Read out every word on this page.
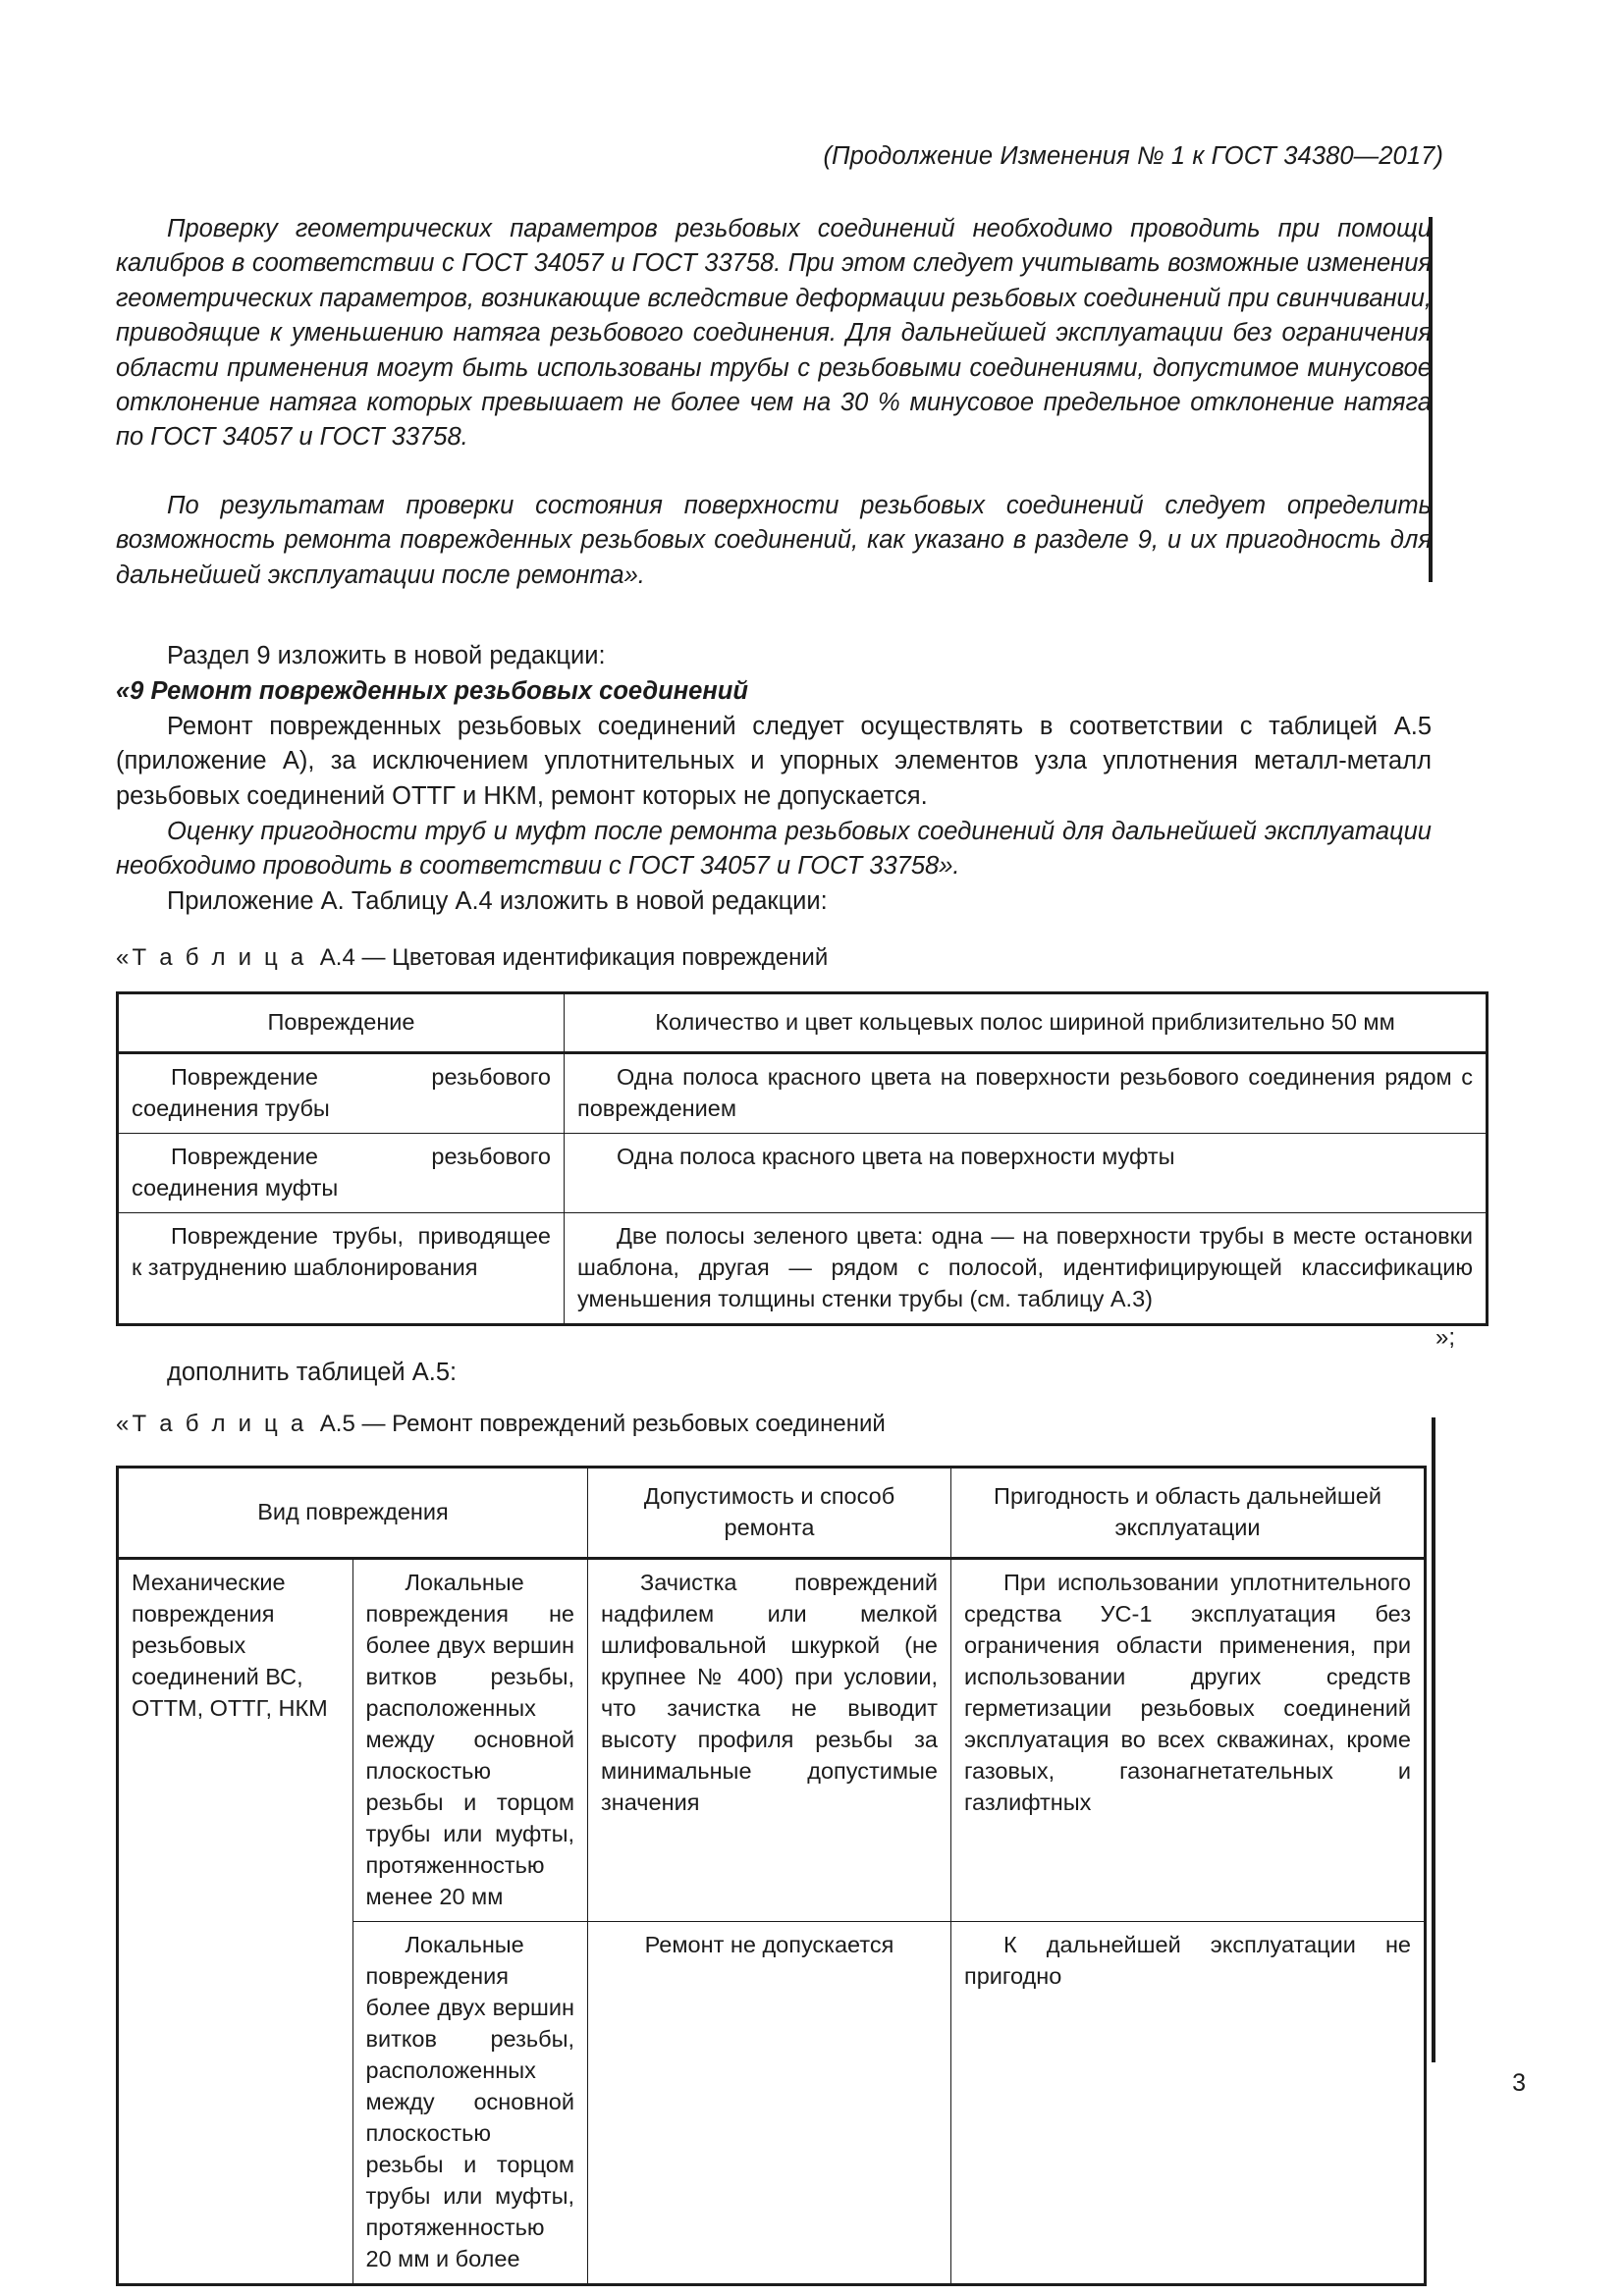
(Продолжение Изменения № 1 к ГОСТ 34380—2017)

Проверку геометрических параметров резьбовых соединений необходимо проводить при помощи калибров в соответствии с ГОСТ 34057 и ГОСТ 33758. При этом следует учитывать возможные изменения геометрических параметров, возникающие вследствие деформации резьбовых соединений при свинчивании, приводящие к уменьшению натяга резьбового соединения. Для дальнейшей эксплуатации без ограничения области применения могут быть использованы трубы с резьбовыми соединениями, допустимое минусовое отклонение натяга которых превышает не более чем на 30 % минусовое предельное отклонение натяга по ГОСТ 34057 и ГОСТ 33758.

По результатам проверки состояния поверхности резьбовых соединений следует определить возможность ремонта поврежденных резьбовых соединений, как указано в разделе 9, и их пригодность для дальнейшей эксплуатации после ремонта».

Раздел 9 изложить в новой редакции:

«9 Ремонт поврежденных резьбовых соединений

Ремонт поврежденных резьбовых соединений следует осуществлять в соответствии с таблицей А.5 (приложение А), за исключением уплотнительных и упорных элементов узла уплотнения металл-металл резьбовых соединений ОТТГ и НКМ, ремонт которых не допускается.

Оценку пригодности труб и муфт после ремонта резьбовых соединений для дальнейшей эксплуатации необходимо проводить в соответствии с ГОСТ 34057 и ГОСТ 33758».

Приложение А. Таблицу А.4 изложить в новой редакции:

«Т а б л и ц а А.4 — Цветовая идентификация повреждений
Повреждение	Количество и цвет кольцевых полос шириной приблизительно 50 мм
Повреждение резьбового соединения трубы	Одна полоса красного цвета на поверхности резьбового соединения рядом с повреждением
Повреждение резьбового соединения муфты	Одна полоса красного цвета на поверхности муфты
Повреждение трубы, приводящее к затруднению шаблонирования	Две полосы зеленого цвета: одна — на поверхности трубы в месте остановки шаблона, другая — рядом с полосой, идентифицирующей классификацию уменьшения толщины стенки трубы (см. таблицу А.3)
»;

дополнить таблицей А.5:

«Т а б л и ц а А.5 — Ремонт повреждений резьбовых соединений
Вид повреждения		Допустимость и способ ремонта	Пригодность и область дальнейшей эксплуатации
Механические повреждения резьбовых соединений ВС, ОТТМ, ОТТГ, НКМ	Локальные повреждения не более двух вершин витков резьбы, расположенных между основной плоскостью резьбы и торцом трубы или муфты, протяженностью менее 20 мм	Зачистка повреждений надфилем или мелкой шлифовальной шкуркой (не крупнее № 400) при условии, что зачистка не выводит высоту профиля резьбы за минимальные допустимые значения	При использовании уплотнительного средства УС-1 эксплуатация без ограничения области применения, при использовании других средств герметизации резьбовых соединений эксплуатация во всех скважинах, кроме газовых, газонагнетательных и газлифтных
	Локальные повреждения более двух вершин витков резьбы, расположенных между основной плоскостью резьбы и торцом трубы или муфты, протяженностью 20 мм и более	Ремонт не допускается	К дальнейшей эксплуатации не пригодно
3
